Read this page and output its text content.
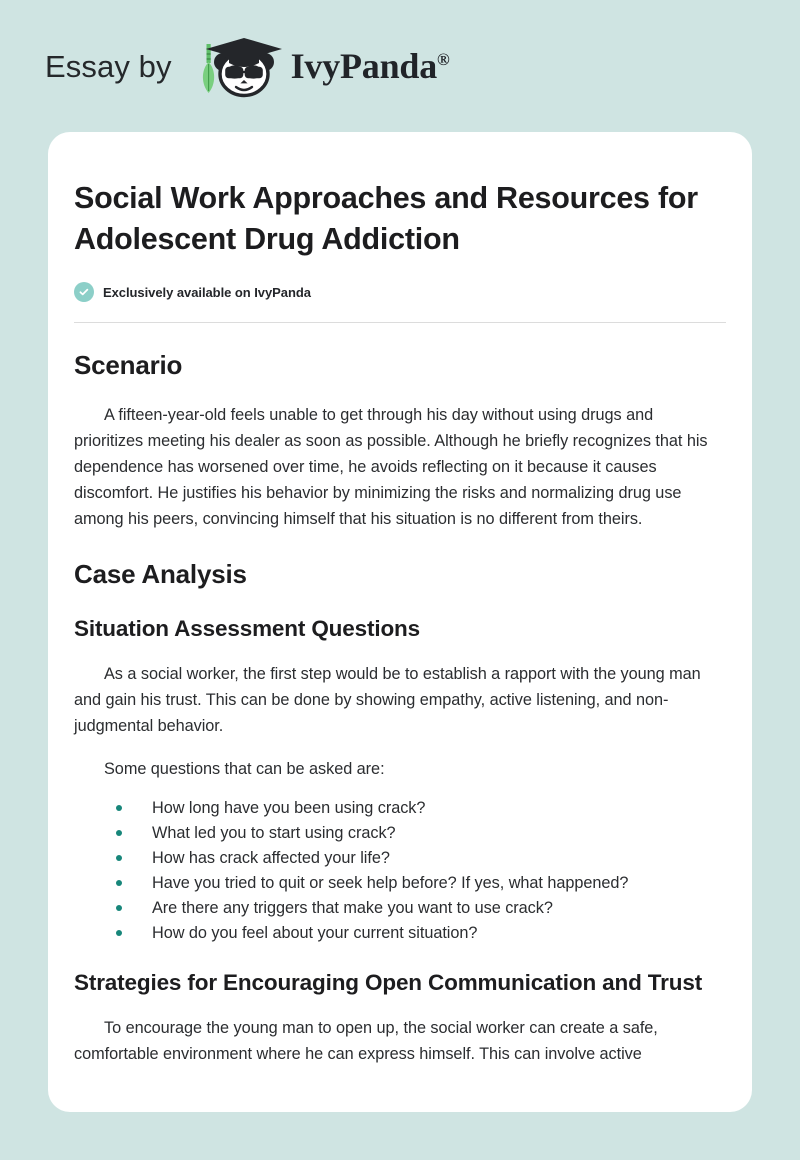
Essay by	IvyPanda®
Social Work Approaches and Resources for Adolescent Drug Addiction
Exclusively available on IvyPanda
Scenario

A fifteen-year-old feels unable to get through his day without using drugs and prioritizes meeting his dealer as soon as possible. Although he briefly recognizes that his dependence has worsened over time, he avoids reflecting on it because it causes discomfort. He justifies his behavior by minimizing the risks and normalizing drug use among his peers, convincing himself that his situation is no different from theirs.

Case Analysis
Situation Assessment Questions

As a social worker, the first step would be to establish a rapport with the young man and gain his trust. This can be done by showing empathy, active listening, and non-judgmental behavior.

Some questions that can be asked are:

How long have you been using crack?
What led you to start using crack?
How has crack affected your life?
Have you tried to quit or seek help before? If yes, what happened?
Are there any triggers that make you want to use crack?
How do you feel about your current situation?
Strategies for Encouraging Open Communication and Trust

To encourage the young man to open up, the social worker can create a safe, comfortable environment where he can express himself. This can involve active
